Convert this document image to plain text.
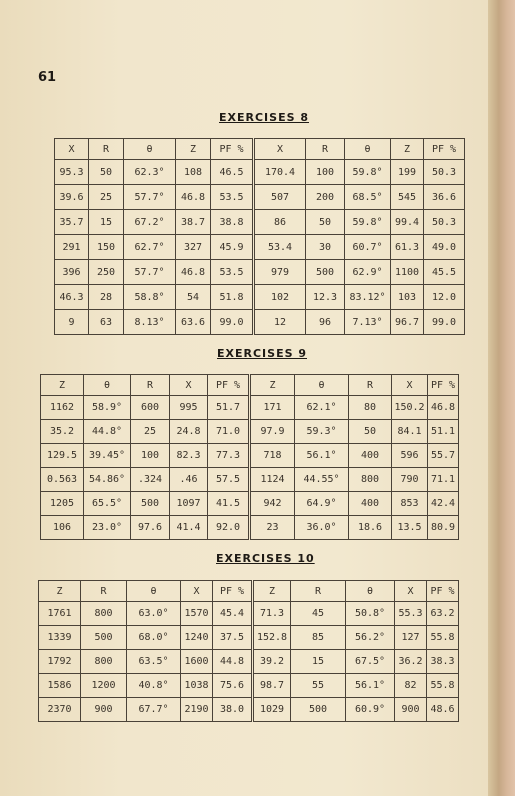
61
EXERCISES 8
X	R	θ	Z	PF %	X	R	θ	Z	PF %
95.3	50	62.3°	108	46.5	170.4	100	59.8°	199	50.3
39.6	25	57.7°	46.8	53.5	507	200	68.5°	545	36.6
35.7	15	67.2°	38.7	38.8	86	50	59.8°	99.4	50.3
291	150	62.7°	327	45.9	53.4	30	60.7°	61.3	49.0
396	250	57.7°	46.8	53.5	979	500	62.9°	1100	45.5
46.3	28	58.8°	54	51.8	102	12.3	83.12°	103	12.0
9	63	8.13°	63.6	99.0	12	96	7.13°	96.7	99.0
EXERCISES 9
Z	θ	R	X	PF %	Z	θ	R	X	PF %
1162	58.9°	600	995	51.7	171	62.1°	80	150.2	46.8
35.2	44.8°	25	24.8	71.0	97.9	59.3°	50	84.1	51.1
129.5	39.45°	100	82.3	77.3	718	56.1°	400	596	55.7
0.563	54.86°	.324	.46	57.5	1124	44.55°	800	790	71.1
1205	65.5°	500	1097	41.5	942	64.9°	400	853	42.4
106	23.0°	97.6	41.4	92.0	23	36.0°	18.6	13.5	80.9
EXERCISES 10
Z	R	θ	X	PF %	Z	R	θ	X	PF %
1761	800	63.0°	1570	45.4	71.3	45	50.8°	55.3	63.2
1339	500	68.0°	1240	37.5	152.8	85	56.2°	127	55.8
1792	800	63.5°	1600	44.8	39.2	15	67.5°	36.2	38.3
1586	1200	40.8°	1038	75.6	98.7	55	56.1°	82	55.8
2370	900	67.7°	2190	38.0	1029	500	60.9°	900	48.6
